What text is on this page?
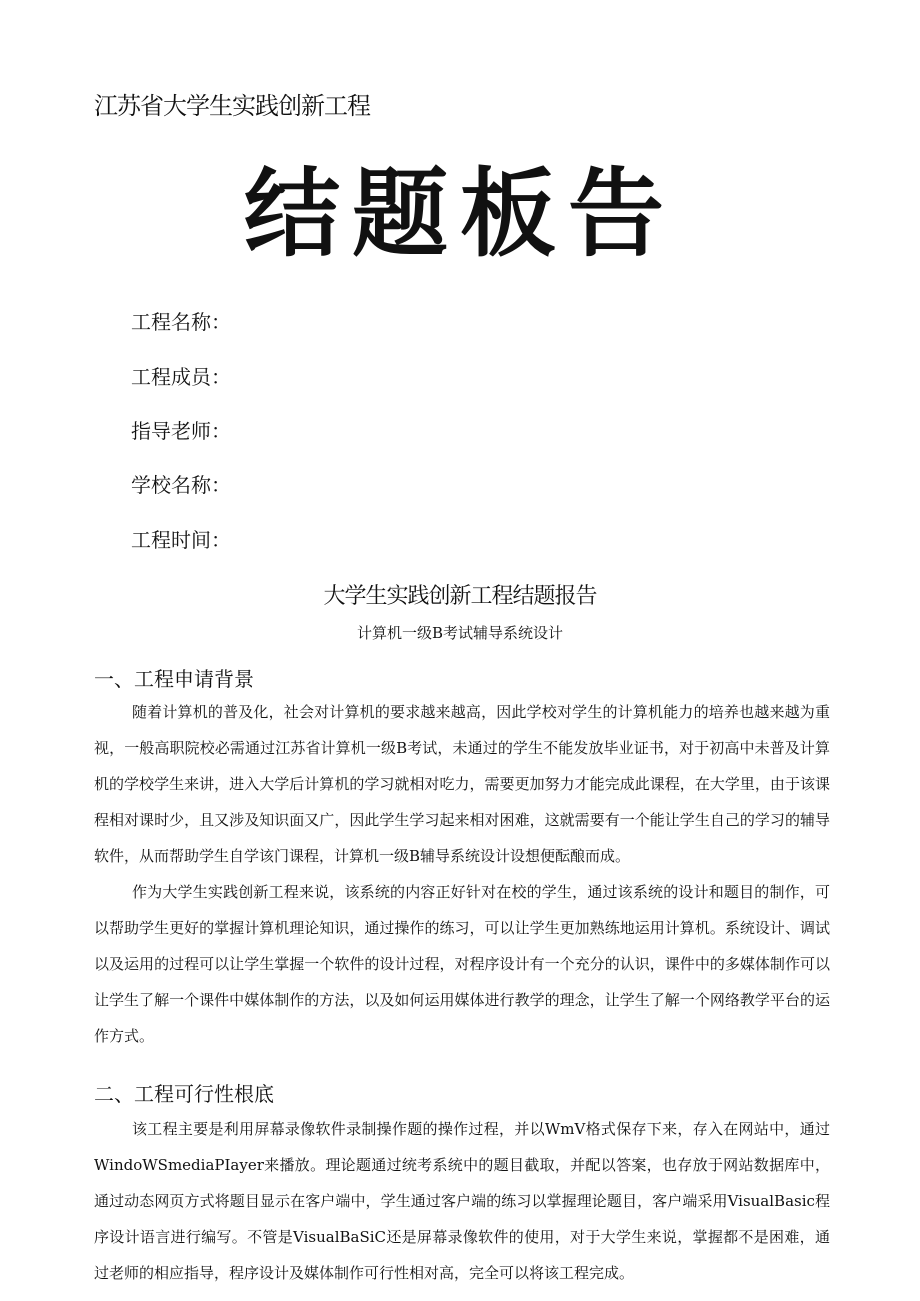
江苏省大学生实践创新工程
结题板告
工程名称：
工程成员：
指导老师：
学校名称：
工程时间：
大学生实践创新工程结题报告
计算机一级B考试辅导系统设计
一、工程申请背景

随着计算机的普及化，社会对计算机的要求越来越高，因此学校对学生的计算机能力的培养也越来越为重视，一般高职院校必需通过江苏省计算机一级B考试，未通过的学生不能发放毕业证书，对于初高中未普及计算机的学校学生来讲，进入大学后计算机的学习就相对吃力，需要更加努力才能完成此课程，在大学里，由于该课程相对课时少，且又涉及知识面又广，因此学生学习起来相对困难，这就需要有一个能让学生自己的学习的辅导软件，从而帮助学生自学该门课程，计算机一级B辅导系统设计设想便酝酿而成。

作为大学生实践创新工程来说，该系统的内容正好针对在校的学生，通过该系统的设计和题目的制作，可以帮助学生更好的掌握计算机理论知识，通过操作的练习，可以让学生更加熟练地运用计算机。系统设计、调试以及运用的过程可以让学生掌握一个软件的设计过程，对程序设计有一个充分的认识，课件中的多媒体制作可以让学生了解一个课件中媒体制作的方法，以及如何运用媒体进行教学的理念，让学生了解一个网络教学平台的运作方式。

二、工程可行性根底

该工程主要是利用屏幕录像软件录制操作题的操作过程，并以WmV格式保存下来，存入在网站中，通过WindoWSmediaPIayer来播放。理论题通过统考系统中的题目截取，并配以答案，也存放于网站数据库中，通过动态网页方式将题目显示在客户端中，学生通过客户端的练习以掌握理论题目，客户端采用VisualBasic程序设计语言进行编写。不管是VisualBaSiC还是屏幕录像软件的使用，对于大学生来说，掌握都不是困难，通过老师的相应指导，程序设计及媒体制作可行性相对高，完全可以将该工程完成。
